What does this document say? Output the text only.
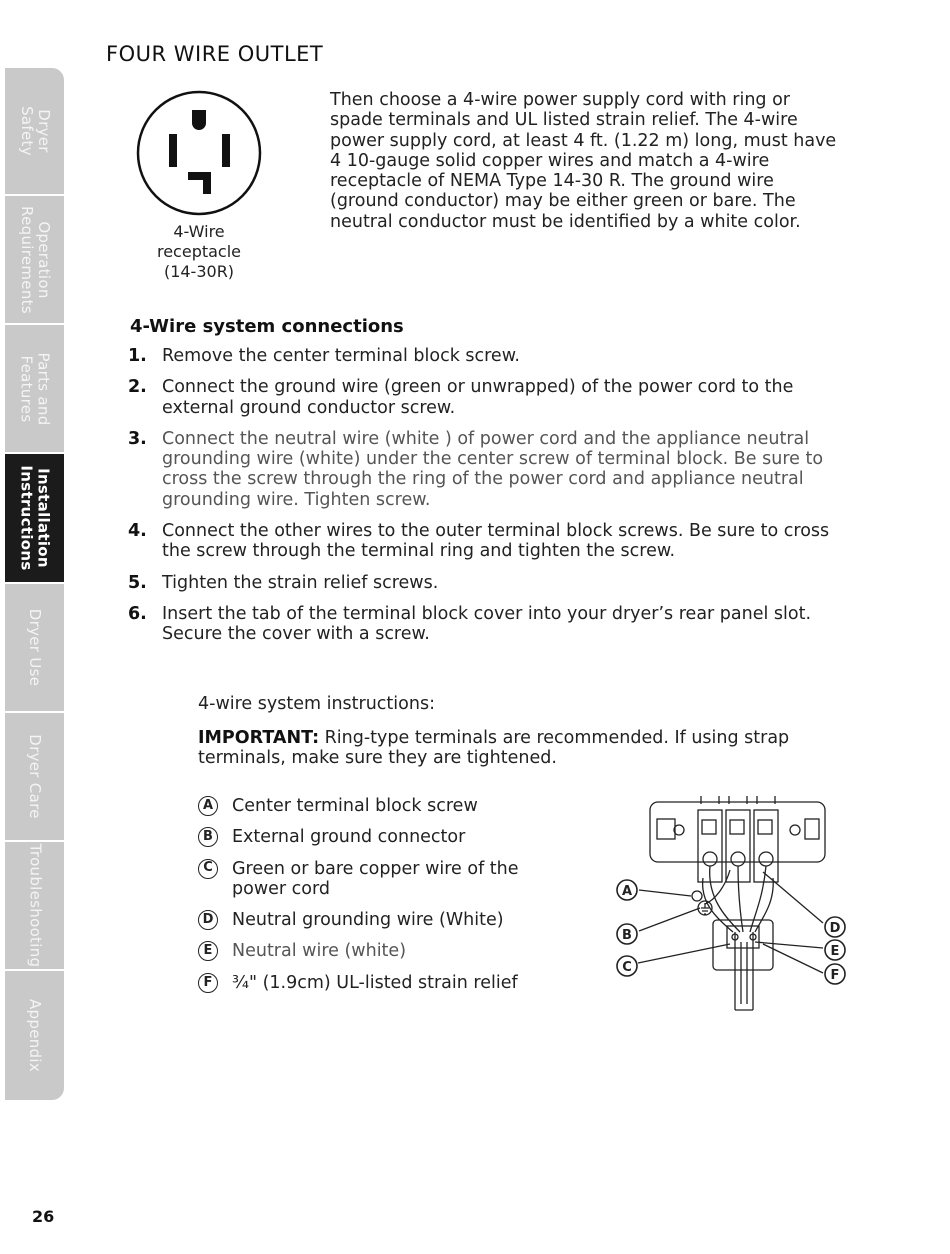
Dryer
Safety
Operation
Requirements
Parts and
Features
Installation
Instructions
Dryer Use
Dryer Care
Troubleshooting
Appendix
FOUR WIRE OUTLET
4-Wire
receptacle
(14-30R)
Then choose a 4-wire power supply cord with ring or spade terminals and UL listed strain relief. The 4-wire power supply cord, at least 4 ft. (1.22 m) long, must have 4 10-gauge solid copper wires and match a 4-wire receptacle of NEMA Type 14-30 R. The ground wire (ground conductor) may be either green or bare. The neutral conductor must be identified by a white color.
4-Wire system connections
1. Remove the center terminal block screw.
2. Connect the ground wire (green or unwrapped) of the power cord to the external ground conductor screw.
3. Connect the neutral wire (white ) of power cord and the appliance neutral grounding wire (white) under the center screw of terminal block. Be sure to cross the screw through the ring of the power cord and appliance neutral grounding wire. Tighten screw.
4. Connect the other wires to the outer terminal block screws. Be sure to cross the screw through the terminal ring and tighten the screw.
5. Tighten the strain relief screws.
6. Insert the tab of the terminal block cover into your dryer’s rear panel slot. Secure the cover with a screw.
4-wire system instructions:
IMPORTANT: Ring-type terminals are recommended. If using strap terminals, make sure they are tightened.
A Center terminal block screw
B External ground connector
C Green or bare copper wire of the power cord
D Neutral grounding wire (White)
E	Neutral wire (white)
F	¾" (1.9cm) UL-listed strain relief
A
B
C
D
E
F
26
